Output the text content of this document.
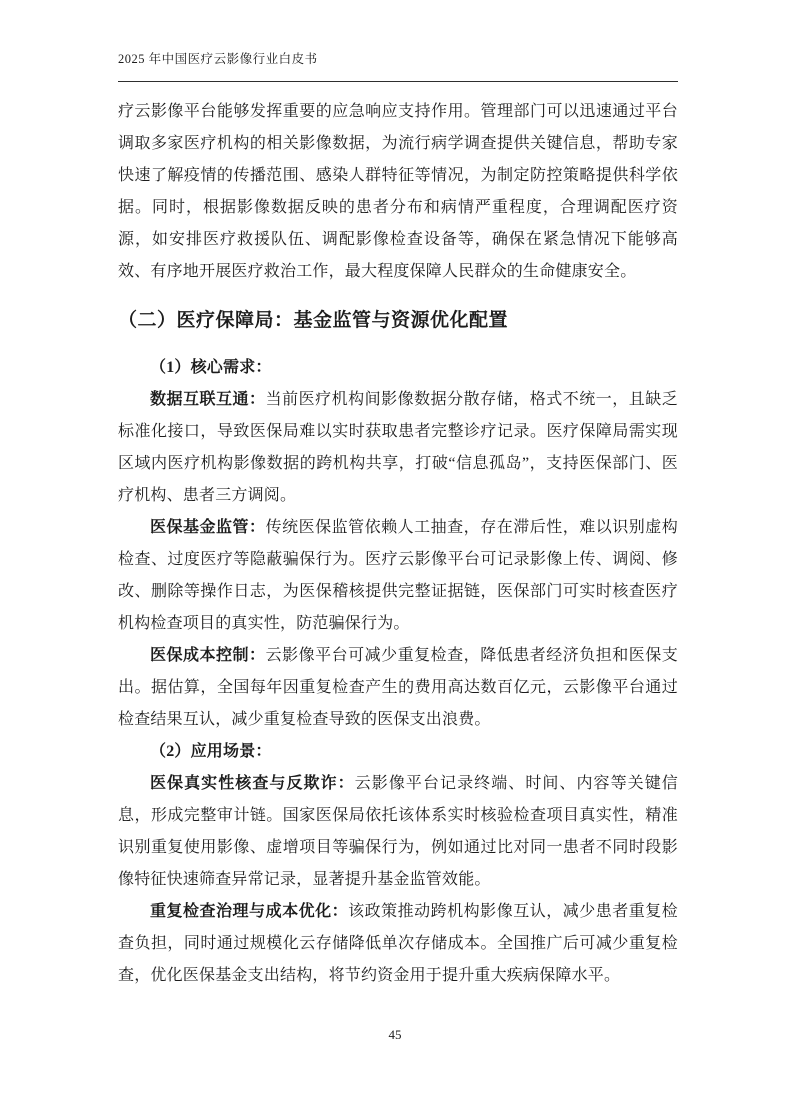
2025 年中国医疗云影像行业白皮书

疗云影像平台能够发挥重要的应急响应支持作用。管理部门可以迅速通过平台调取多家医疗机构的相关影像数据，为流行病学调查提供关键信息，帮助专家快速了解疫情的传播范围、感染人群特征等情况，为制定防控策略提供科学依据。同时，根据影像数据反映的患者分布和病情严重程度，合理调配医疗资源，如安排医疗救援队伍、调配影像检查设备等，确保在紧急情况下能够高效、有序地开展医疗救治工作，最大程度保障人民群众的生命健康安全。

（二）医疗保障局：基金监管与资源优化配置

（1）核心需求：

数据互联互通：当前医疗机构间影像数据分散存储，格式不统一，且缺乏标准化接口，导致医保局难以实时获取患者完整诊疗记录。医疗保障局需实现区域内医疗机构影像数据的跨机构共享，打破“信息孤岛”，支持医保部门、医疗机构、患者三方调阅。

医保基金监管：传统医保监管依赖人工抽查，存在滞后性，难以识别虚构检查、过度医疗等隐蔽骗保行为。医疗云影像平台可记录影像上传、调阅、修改、删除等操作日志，为医保稽核提供完整证据链，医保部门可实时核查医疗机构检查项目的真实性，防范骗保行为。

医保成本控制：云影像平台可减少重复检查，降低患者经济负担和医保支出。据估算，全国每年因重复检查产生的费用高达数百亿元，云影像平台通过检查结果互认，减少重复检查导致的医保支出浪费。

（2）应用场景：

医保真实性核查与反欺诈：云影像平台记录终端、时间、内容等关键信息，形成完整审计链。国家医保局依托该体系实时核验检查项目真实性，精准识别重复使用影像、虚增项目等骗保行为，例如通过比对同一患者不同时段影像特征快速筛查异常记录，显著提升基金监管效能。

重复检查治理与成本优化：该政策推动跨机构影像互认，减少患者重复检查负担，同时通过规模化云存储降低单次存储成本。全国推广后可减少重复检查，优化医保基金支出结构，将节约资金用于提升重大疾病保障水平。

45
